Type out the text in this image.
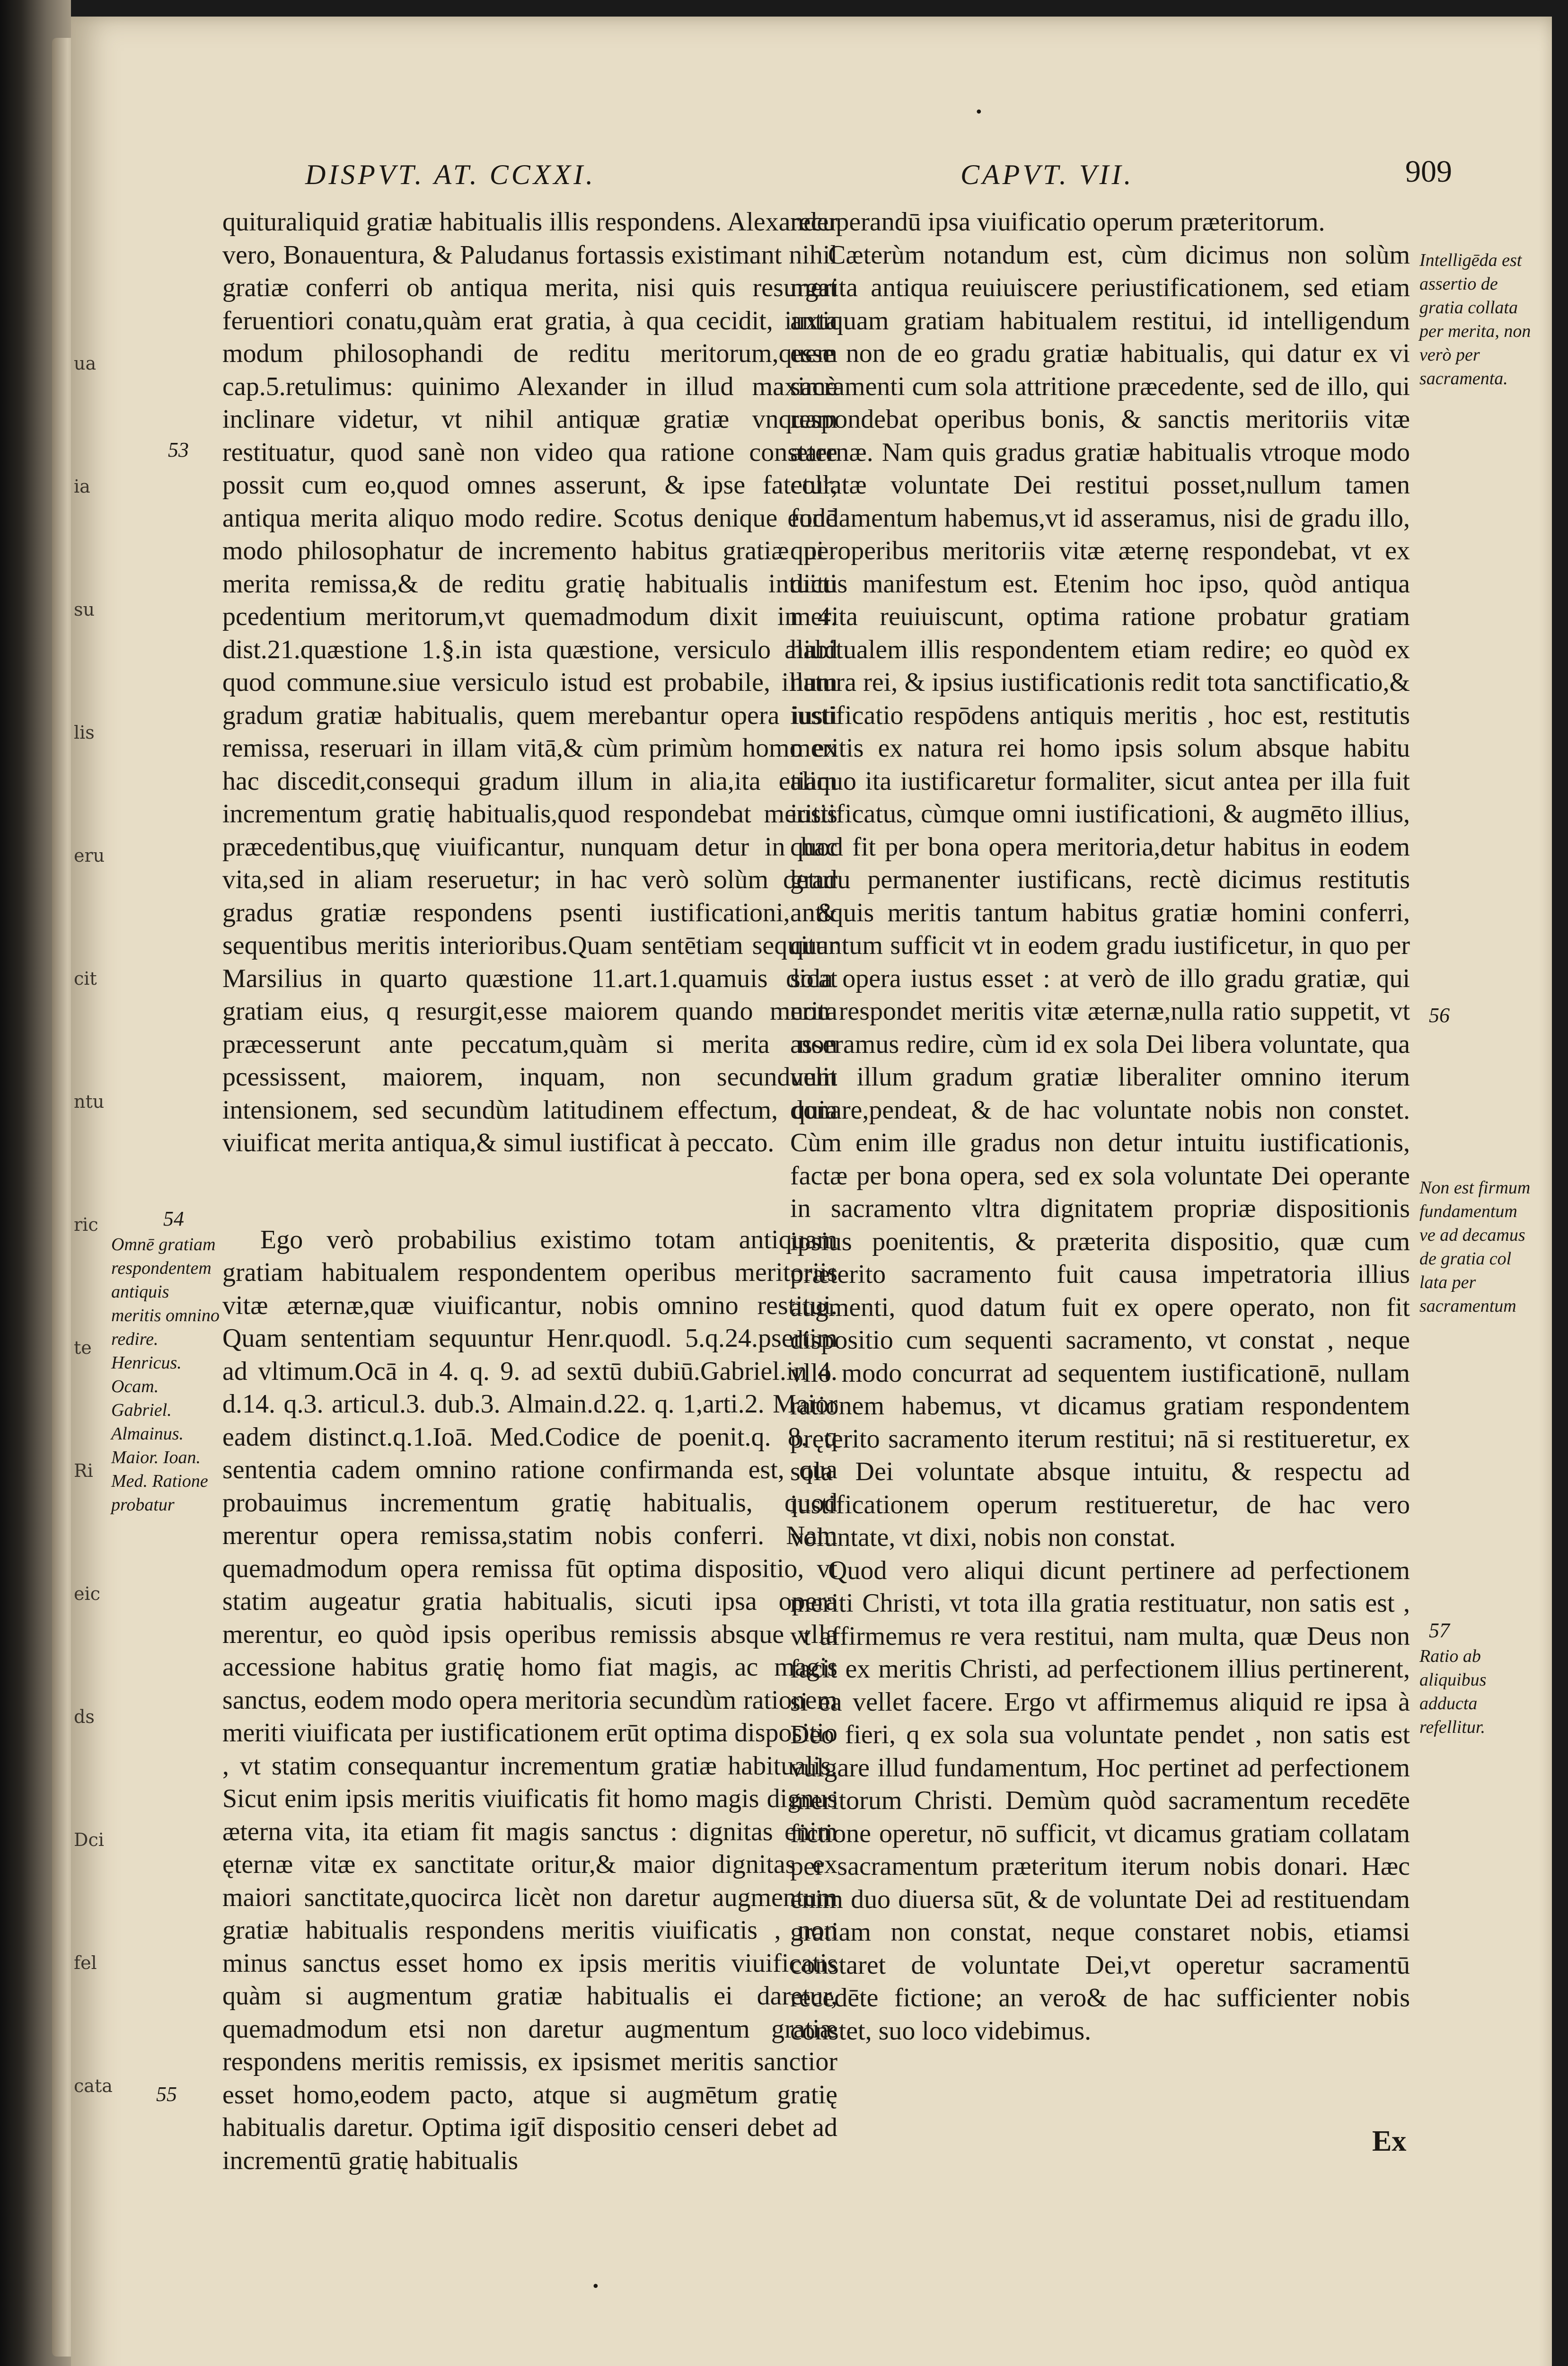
ua
ia
su
lis
eru
cit
ntu
ric
te
Ri
eic
ds
Dci
fel
cata
DISPVT. AT. CCXXI.	CAPVT. VII.	909

quituraliquid gratiæ habitualis illis respondens. Alexander vero, Bonauentura, & Paludanus fortassis existimant nihil gratiæ conferri ob antiqua merita, nisi quis resurgat feruentiori conatu,quàm erat gratia, à qua cecidit, iuxta modum philosophandi de reditu meritorum,quem cap.5.retulimus: quinimo Alexander in illud maximè inclinare videtur, vt nihil antiquæ gratiæ vnquam restituatur, quod sanè non video qua ratione constare possit cum eo,quod omnes asserunt, & ipse fatetur, antiqua merita aliquo modo redire. Scotus denique eodē modo philosophatur de incremento habitus gratiæ per merita remissa,& de reditu gratię habitualis intuitu pcedentium meritorum,vt quemadmodum dixit in 4. dist.21.quæstione 1.§.in ista quæstione, versiculo aliud quod commune.siue versiculo istud est probabile, illum gradum gratiæ habitualis, quem merebantur opera iusti remissa, reseruari in illam vitā,& cùm primùm homo ex hac discedit,consequi gradum illum in alia,ita etiam incrementum gratię habitualis,quod respondebat meritis præcedentibus,quę viuificantur, nunquam detur in hac vita,sed in aliam reseruetur; in hac verò solùm detur gradus gratiæ respondens psenti iustificationi, & sequentibus meritis interioribus.Quam sentētiam sequitur Marsilius in quarto quæstione 11.art.1.quamuis dicat gratiam eius, q resurgit,esse maiorem quando merita præcesserunt ante peccatum,quàm si merita non pcessissent, maiorem, inquam, non secunduum intensionem, sed secundùm latitudinem effectum, quia viuificat merita antiqua,& simul iustificat à peccato.

Ego verò probabilius existimo totam antiquam gratiam habitualem respondentem operibus meritoriis vitæ æternæ,quæ viuificantur, nobis omnino restitui. Quam sententiam sequuntur Henr.quodl. 5.q.24.psertim ad vltimum.Ocā in 4. q. 9. ad sextū dubiū.Gabriel.in 4. d.14. q.3. articul.3. dub.3. Almain.d.22. q. 1,arti.2. Maior eadem distinct.q.1.Ioā. Med.Codice de poenit.q. 8. q sententia cadem omnino ratione confirmanda est, qua probauimus incrementum gratię habitualis, quod merentur opera remissa,statim nobis conferri. Nam quemadmodum opera remissa fūt optima dispositio, vt statim augeatur gratia habitualis, sicuti ipsa opera merentur, eo quòd ipsis operibus remissis absque vlla accessione habitus gratię homo fiat magis, ac magis sanctus, eodem modo opera meritoria secundùm rationem meriti viuificata per iustificationem erūt optima dispositio , vt statim consequantur incrementum gratiæ habitualis. Sicut enim ipsis meritis viuificatis fit homo magis dignus æterna vita, ita etiam fit magis sanctus : dignitas enim ęternæ vitæ ex sanctitate oritur,& maior dignitas ex maiori sanctitate,quocirca licèt non daretur augmentum gratiæ habitualis respondens meritis viuificatis , non minus sanctus esset homo ex ipsis meritis viuificatis quàm si augmentum gratiæ habitualis ei daretur, quemadmodum etsi non daretur augmentum gratiæ respondens meritis remissis, ex ipsismet meritis sanctior esset homo,eodem pacto, atque si augmētum gratię habitualis daretur. Optima igit̄ dispositio censeri debet ad incrementū gratię habitualis

recuperandū ipsa viuificatio operum præteritorum.

Cæterùm notandum est, cùm dicimus non solùm merita antiqua reuiuiscere periustificationem, sed etiam antiquam gratiam habitualem restitui, id intelligendum esse non de eo gradu gratiæ habitualis, qui datur ex vi sacramenti cum sola attritione præcedente, sed de illo, qui respondebat operibus bonis, & sanctis meritoriis vitæ æternæ. Nam quis gradus gratiæ habitualis vtroque modo collatæ voluntate Dei restitui posset,nullum tamen fundamentum habemus,vt id asseramus, nisi de gradu illo, qui operibus meritoriis vitæ æternę respondebat, vt ex dictis manifestum est. Etenim hoc ipso, quòd antiqua merita reuiuiscunt, optima ratione probatur gratiam habitualem illis respondentem etiam redire; eo quòd ex natura rei, & ipsius iustificationis redit tota sanctificatio,& iustificatio respōdens antiquis meritis , hoc est, restitutis meritis ex natura rei homo ipsis solum absque habitu aliquo ita iustificaretur formaliter, sicut antea per illa fuit iustificatus, cùmque omni iustificationi, & augmēto illius, quod fit per bona opera meritoria,detur habitus in eodem gradu permanenter iustificans, rectè dicimus restitutis antiquis meritis tantum habitus gratiæ homini conferri, quantum sufficit vt in eodem gradu iustificetur, in quo per sola opera iustus esset : at verò de illo gradu gratiæ, qui non respondet meritis vitæ æternæ,nulla ratio suppetit, vt asseramus redire, cùm id ex sola Dei libera voluntate, qua velit illum gradum gratiæ liberaliter omnino iterum donare,pendeat, & de hac voluntate nobis non constet. Cùm enim ille gradus non detur intuitu iustificationis, factæ per bona opera, sed ex sola voluntate Dei operante in sacramento vltra dignitatem propriæ dispositionis ipsius poenitentis, & præterita dispositio, quæ cum præterito sacramento fuit causa impetratoria illius augmenti, quod datum fuit ex opere operato, non fit dispositio cum sequenti sacramento, vt constat , neque vllo modo concurrat ad sequentem iustificationē, nullam rationem habemus, vt dicamus gratiam respondentem pręterito sacramento iterum restitui; nā si restitueretur, ex sola Dei voluntate absque intuitu, & respectu ad iustificationem operum restitueretur, de hac vero voluntate, vt dixi, nobis non constat.

Quod vero aliqui dicunt pertinere ad perfectionem meriti Christi, vt tota illa gratia restituatur, non satis est , vt affirmemus re vera restitui, nam multa, quæ Deus non facit ex meritis Christi, ad perfectionem illius pertinerent, si ea vellet facere. Ergo vt affirmemus aliquid re ipsa à Deo fieri, q ex sola sua voluntate pendet , non satis est vulgare illud fundamentum, Hoc pertinet ad perfectionem meritorum Christi. Demùm quòd sacramentum recedēte fictione operetur, nō sufficit, vt dicamus gratiam collatam per sacramentum præteritum iterum nobis donari. Hæc enim duo diuersa sūt, & de voluntate Dei ad restituendam gratiam non constat, neque constaret nobis, etiamsi constaret de voluntate Dei,vt operetur sacramentū recedēte fictione; an vero& de hac sufficienter nobis constet, suo loco videbimus.

Intelligēda est assertio de gratia collata per merita, non verò per sacramenta.
Non est firmum fundamentum ve ad decamus de gratia col lata per sacramentum
Ratio ab aliquibus adducta refellitur.
Omnē gratiam respondentem antiquis meritis omnino redire. Henricus. Ocam. Gabriel. Almainus. Maior. Ioan. Med. Ratione probatur
53
54
55
56
57
Ex
•
•
